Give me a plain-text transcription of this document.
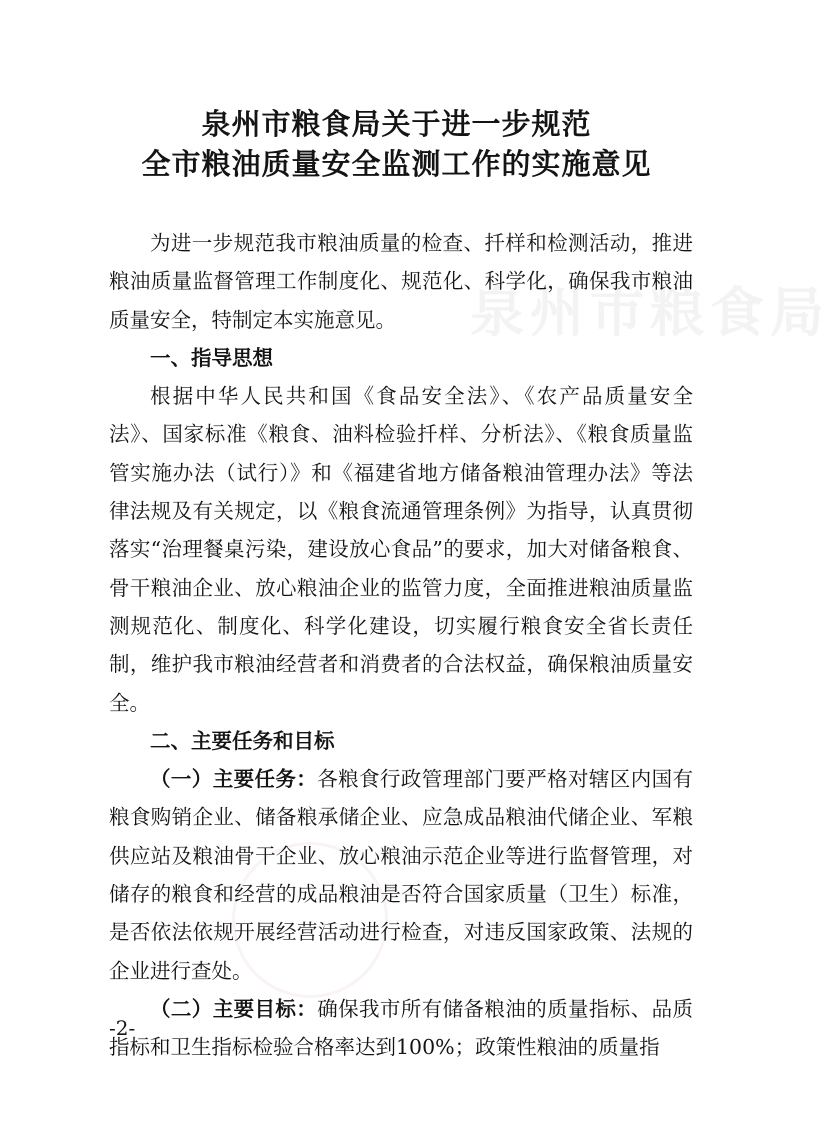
泉州市粮食局
泉州市粮食局关于进一步规范
全市粮油质量安全监测工作的实施意见

为进一步规范我市粮油质量的检查、扦样和检测活动，推进粮油质量监督管理工作制度化、规范化、科学化，确保我市粮油质量安全，特制定本实施意见。

一、指导思想

根据中华人民共和国《食品安全法》、《农产品质量安全法》、国家标准《粮食、油料检验扦样、分析法》、《粮食质量监管实施办法（试行）》和《福建省地方储备粮油管理办法》等法律法规及有关规定，以《粮食流通管理条例》为指导，认真贯彻落实“治理餐桌污染，建设放心食品”的要求，加大对储备粮食、骨干粮油企业、放心粮油企业的监管力度，全面推进粮油质量监测规范化、制度化、科学化建设，切实履行粮食安全省长责任制，维护我市粮油经营者和消费者的合法权益，确保粮油质量安全。

二、主要任务和目标

（一）主要任务：各粮食行政管理部门要严格对辖区内国有粮食购销企业、储备粮承储企业、应急成品粮油代储企业、军粮供应站及粮油骨干企业、放心粮油示范企业等进行监督管理，对储存的粮食和经营的成品粮油是否符合国家质量（卫生）标准，是否依法依规开展经营活动进行检查，对违反国家政策、法规的企业进行查处。

（二）主要目标：确保我市所有储备粮油的质量指标、品质指标和卫生指标检验合格率达到100%；政策性粮油的质量指

-2-
